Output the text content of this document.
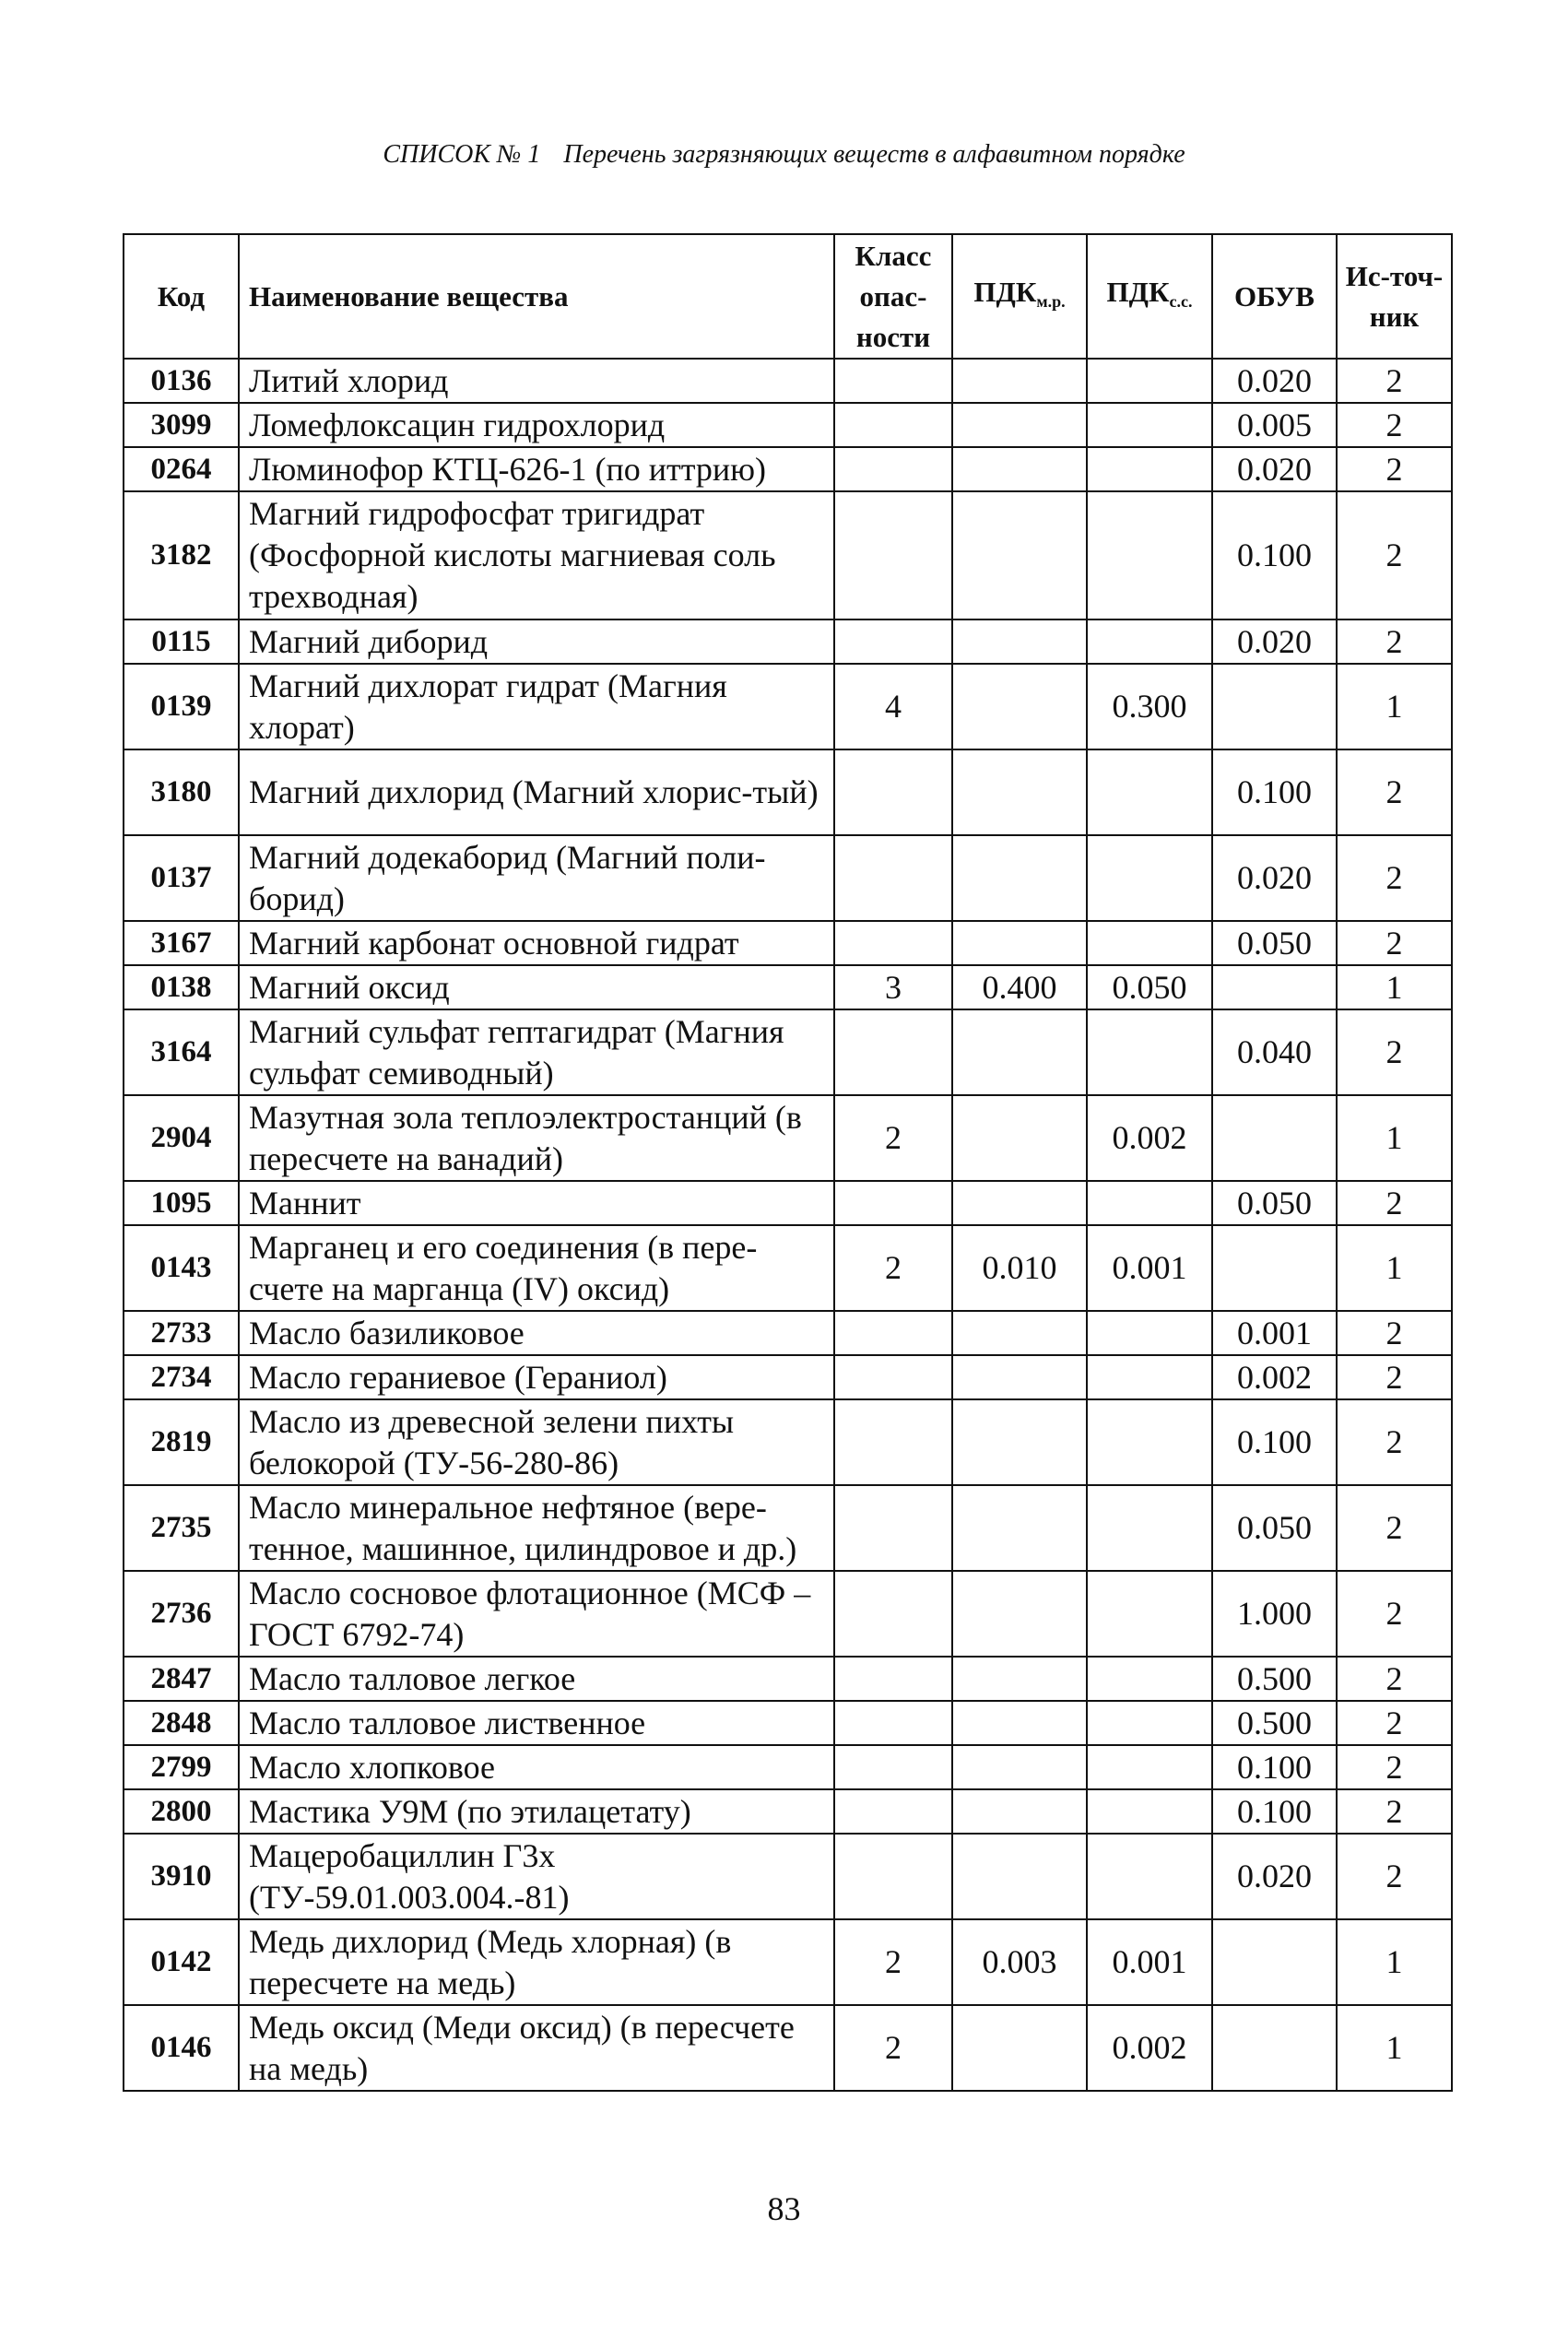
СПИСОК № 1 Перечень загрязняющих веществ в алфавитном порядке
Код	Наименование вещества	Класс опас-ности	$ПДК_{м.р.}$	$ПДК_{с.с.}$	ОБУВ	Ис-точ-ник
0136	Литий хлорид				0.020	2
3099	Ломефлоксацин гидрохлорид				0.005	2
0264	Люминофор КТЦ-626-1 (по иттрию)				0.020	2
3182	Магний гидрофосфат тригидрат (Фосфорной кислоты магниевая соль трехводная)				0.100	2
0115	Магний диборид				0.020	2
0139	Магний дихлорат гидрат (Магния хлорат)	4		0.300		1
3180	Магний дихлорид (Магний хлорис-тый)				0.100	2
0137	Магний додекаборид (Магний поли-борид)				0.020	2
3167	Магний карбонат основной гидрат				0.050	2
0138	Магний оксид	3	0.400	0.050		1
3164	Магний сульфат гептагидрат (Магния сульфат семиводный)				0.040	2
2904	Мазутная зола теплоэлектростанций (в пересчете на ванадий)	2		0.002		1
1095	Маннит				0.050	2
0143	Марганец и его соединения (в пере-счете на марганца (IV) оксид)	2	0.010	0.001		1
2733	Масло базиликовое				0.001	2
2734	Масло гераниевое (Гераниол)				0.002	2
2819	Масло из древесной зелени пихты белокорой (ТУ-56-280-86)				0.100	2
2735	Масло минеральное нефтяное (вере-тенное, машинное, цилиндровое и др.)				0.050	2
2736	Масло сосновое флотационное (МСФ – ГОСТ 6792-74)				1.000	2
2847	Масло талловое легкое				0.500	2
2848	Масло талловое лиственное				0.500	2
2799	Масло хлопковое				0.100	2
2800	Мастика У9М (по этилацетату)				0.100	2
3910	Мацеробациллин Г3х (ТУ-59.01.003.004.-81)				0.020	2
0142	Медь дихлорид (Медь хлорная) (в пересчете на медь)	2	0.003	0.001		1
0146	Медь оксид (Меди оксид) (в пересчете на медь)	2		0.002		1
83
